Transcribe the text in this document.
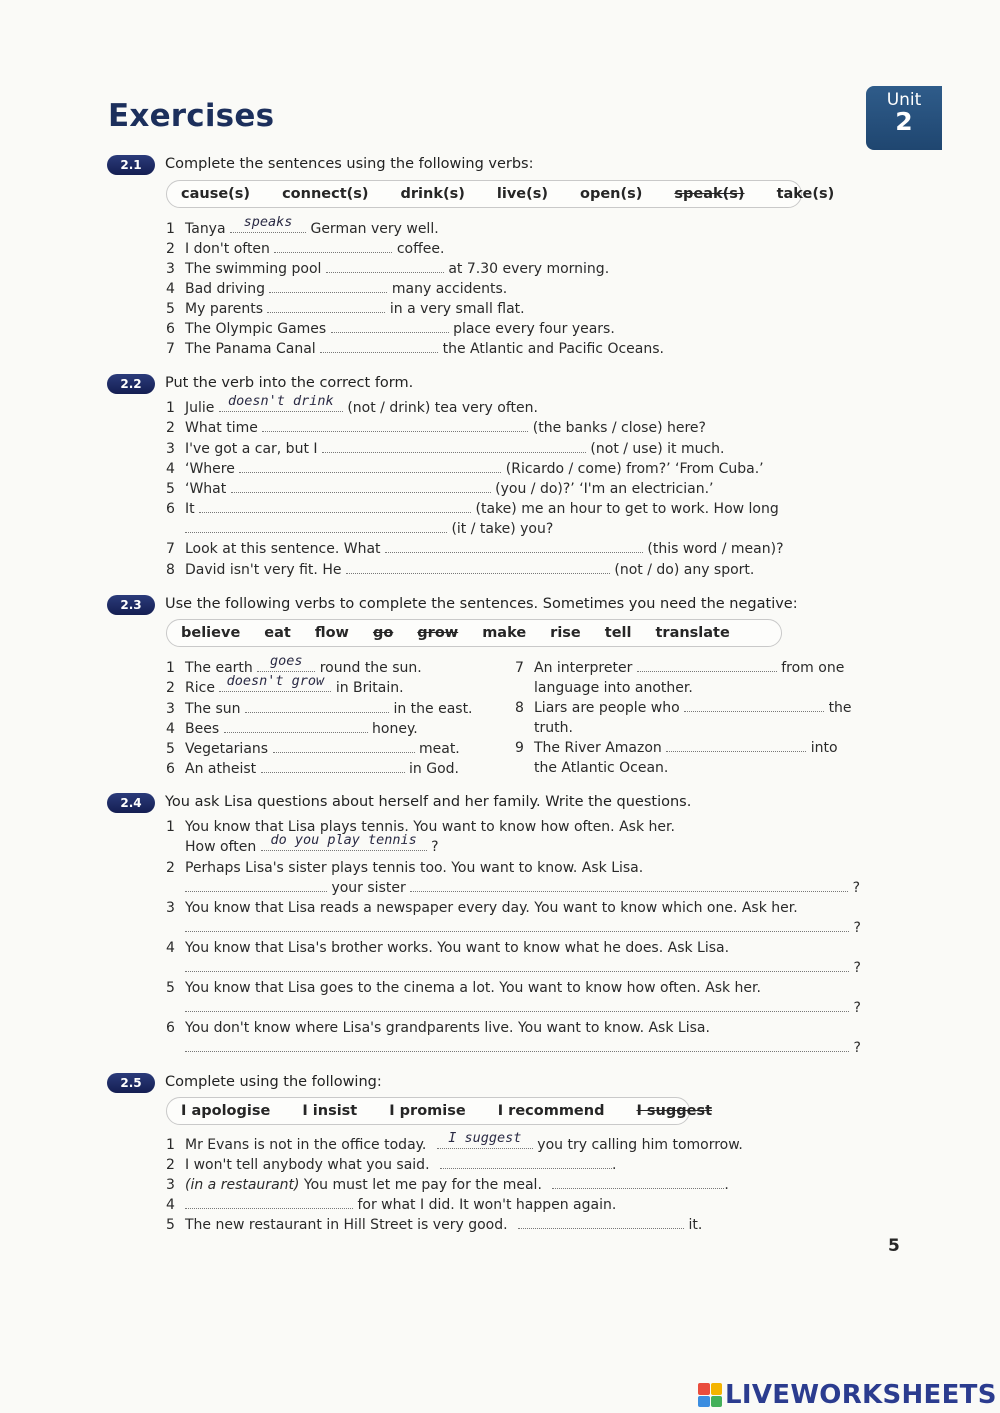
Exercises	Unit
2
2.1	Complete the sentences using the following verbs:
cause(s) connect(s) drink(s) live(s) open(s) speak(s) take(s)
1 Tanya	speaks	German very well.
2 I don't often	coffee.
3 The swimming pool	at 7.30 every morning.
4 Bad driving	many accidents.
5 My parents	in a very small flat.
6 The Olympic Games	place every four years.
7 The Panama Canal	the Atlantic and Pacific Oceans.
2.2	Put the verb into the correct form.
1 Julie	doesn't drink (not / drink) tea very often.
2 What time	(the banks / close) here?
3 I've got a car, but I	(not / use) it much.
4 ‘Where	(Ricardo / come) from?’ ‘From Cuba.’
5 ‘What	(you / do)?’ ‘I'm an electrician.’
6 It	(take) me an hour to get to work. How long
(it / take) you?
7 Look at this sentence. What	(this word / mean)?
8 David isn't very fit. He	(not / do) any sport.
2.3	Use the following verbs to complete the sentences. Sometimes you need the negative:
believe eat flow go grow make rise tell translate
1 The earth	goes	round the sun.
2 Rice doesn't grow in Britain.
3 The sun	in the east.
4 Bees	honey.
5 Vegetarians	meat.
6 An atheist	in God.
7 An interpreter	from one
language into another.
8 Liars are people who	the
truth.
9 The River Amazon	into
the Atlantic Ocean.
2.4	You ask Lisa questions about herself and her family. Write the questions.
1 You know that Lisa plays tennis. You want to know how often. Ask her.
How often	do you play tennis	?
2 Perhaps Lisa's sister plays tennis too. You want to know. Ask Lisa.
your sister	?
3 You know that Lisa reads a newspaper every day. You want to know which one. Ask her.
?
4 You know that Lisa's brother works. You want to know what he does. Ask Lisa.
?
5 You know that Lisa goes to the cinema a lot. You want to know how often. Ask her.
?
6 You don't know where Lisa's grandparents live. You want to know. Ask Lisa.
?
2.5	Complete using the following:
I apologise I insist I promise I recommend I suggest
1 Mr Evans is not in the office today.	I suggest	you try calling him tomorrow.
2 I won't tell anybody what you said.	.
3 (in a restaurant) You must let me pay for the meal.	.
4	for what I did. It won't happen again.
5 The new restaurant in Hill Street is very good.	it.
5
LIVEWORKSHEETS
